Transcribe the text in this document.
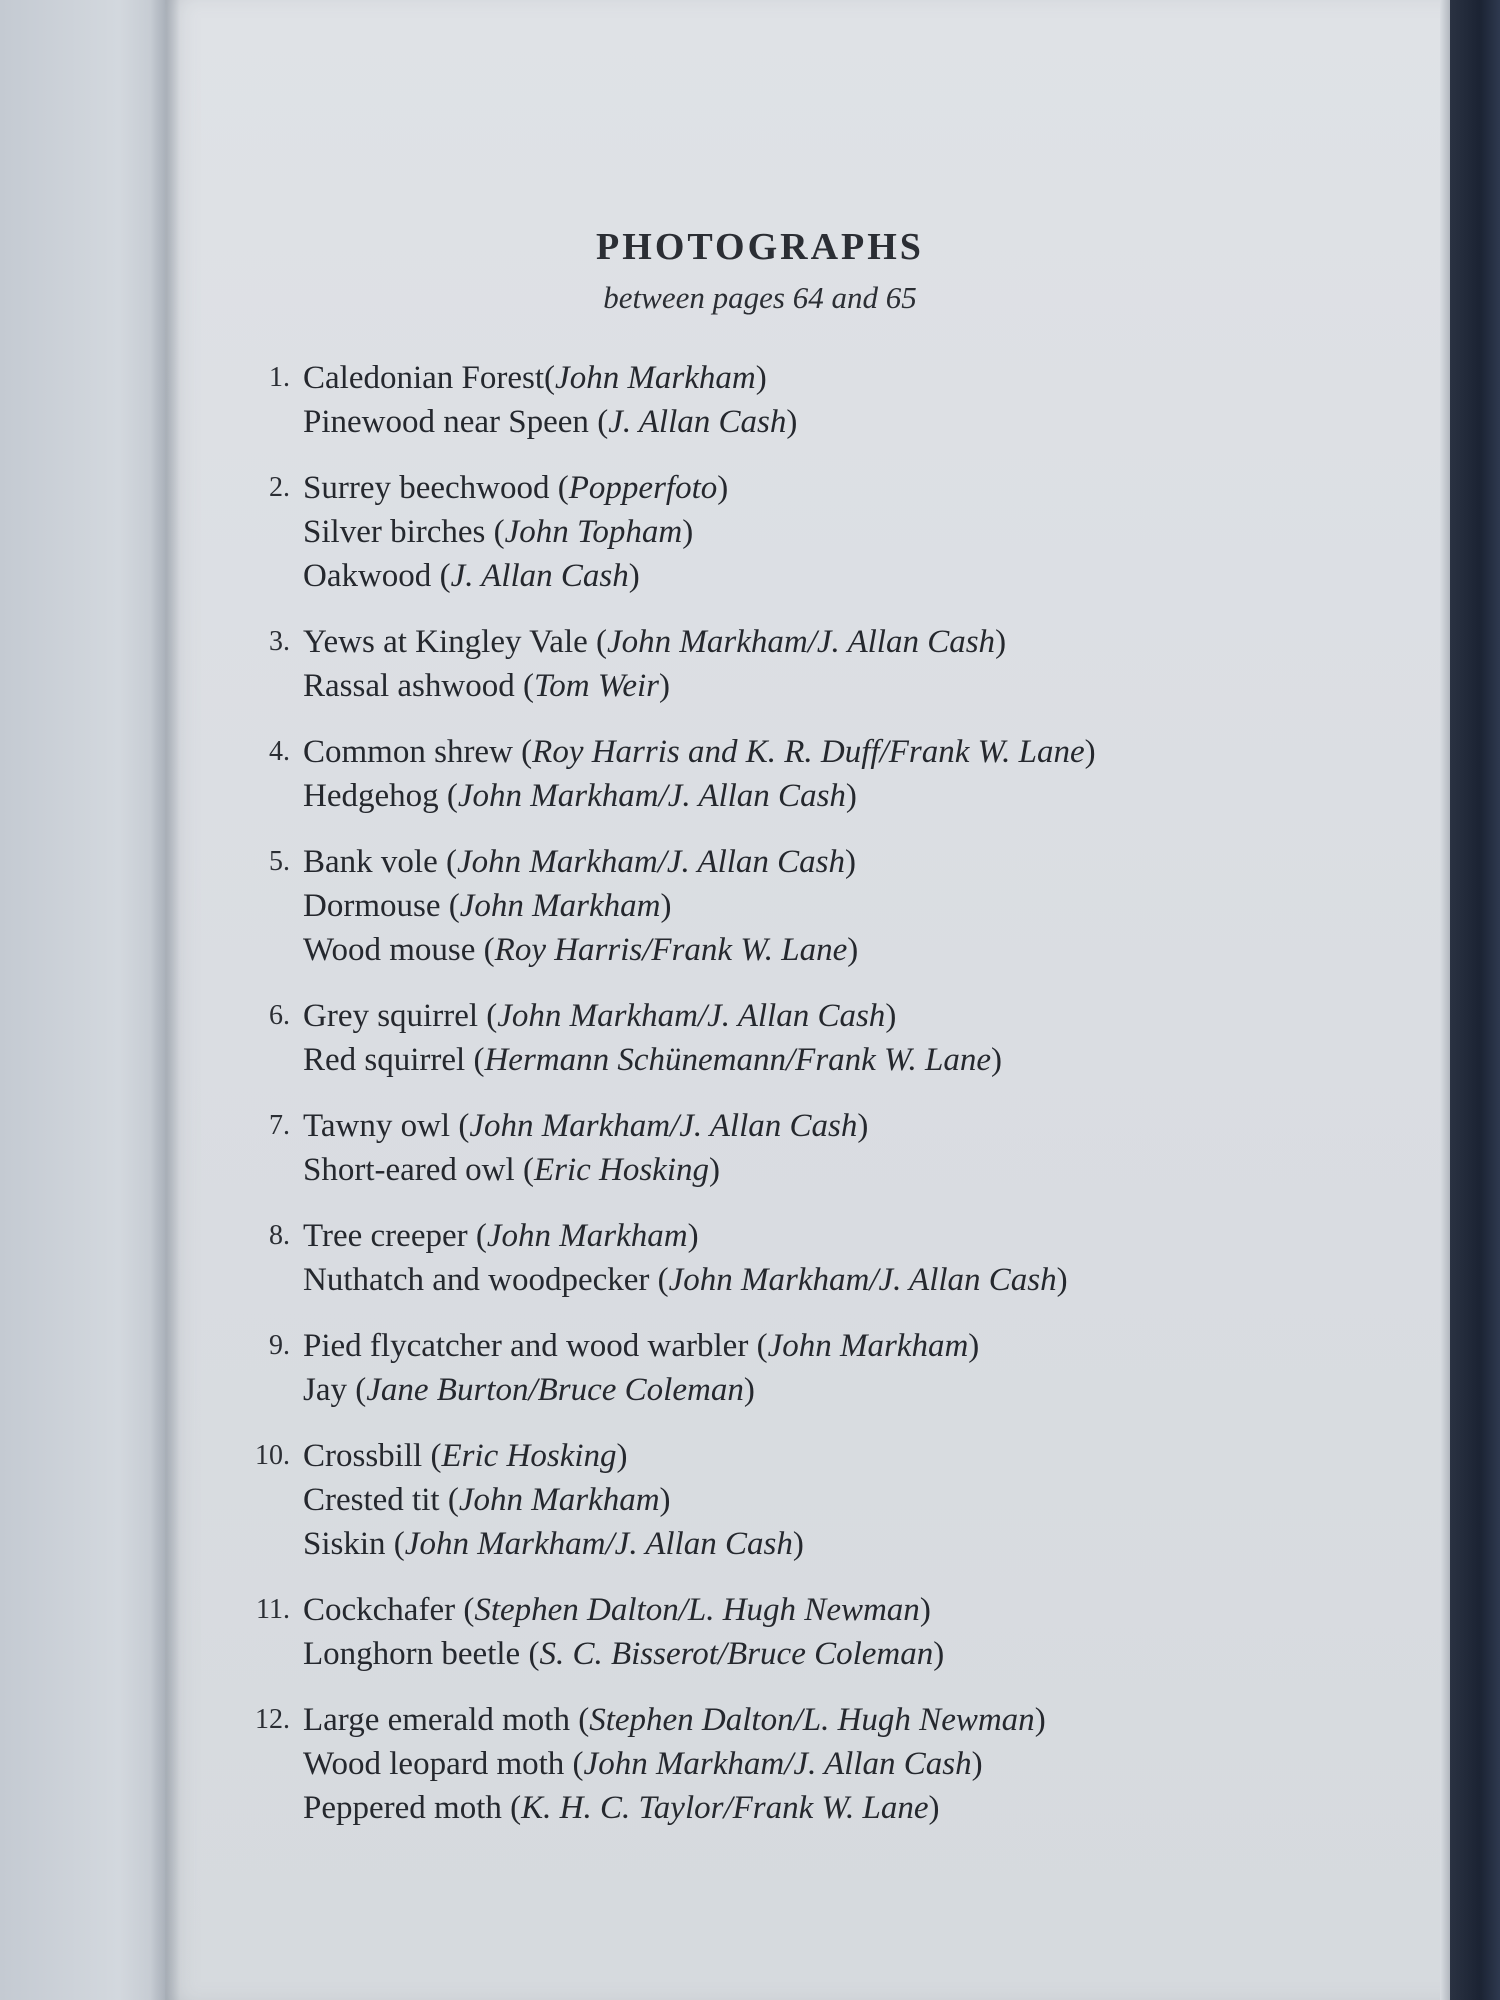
PHOTOGRAPHS
between pages 64 and 65
1. Caledonian Forest(John Markham)
Pinewood near Speen (J. Allan Cash)
2. Surrey beechwood (Popperfoto)
Silver birches (John Topham)
Oakwood (J. Allan Cash)
3. Yews at Kingley Vale (John Markham/J. Allan Cash)
Rassal ashwood (Tom Weir)
4. Common shrew (Roy Harris and K. R. Duff/Frank W. Lane)
Hedgehog (John Markham/J. Allan Cash)
5. Bank vole (John Markham/J. Allan Cash)
Dormouse (John Markham)
Wood mouse (Roy Harris/Frank W. Lane)
6. Grey squirrel (John Markham/J. Allan Cash)
Red squirrel (Hermann Schünemann/Frank W. Lane)
7. Tawny owl (John Markham/J. Allan Cash)
Short-eared owl (Eric Hosking)
8. Tree creeper (John Markham)
Nuthatch and woodpecker (John Markham/J. Allan Cash)
9. Pied flycatcher and wood warbler (John Markham)
Jay (Jane Burton/Bruce Coleman)
10. Crossbill (Eric Hosking)
Crested tit (John Markham)
Siskin (John Markham/J. Allan Cash)
11. Cockchafer (Stephen Dalton/L. Hugh Newman)
Longhorn beetle (S. C. Bisserot/Bruce Coleman)
12. Large emerald moth (Stephen Dalton/L. Hugh Newman)
Wood leopard moth (John Markham/J. Allan Cash)
Peppered moth (K. H. C. Taylor/Frank W. Lane)
